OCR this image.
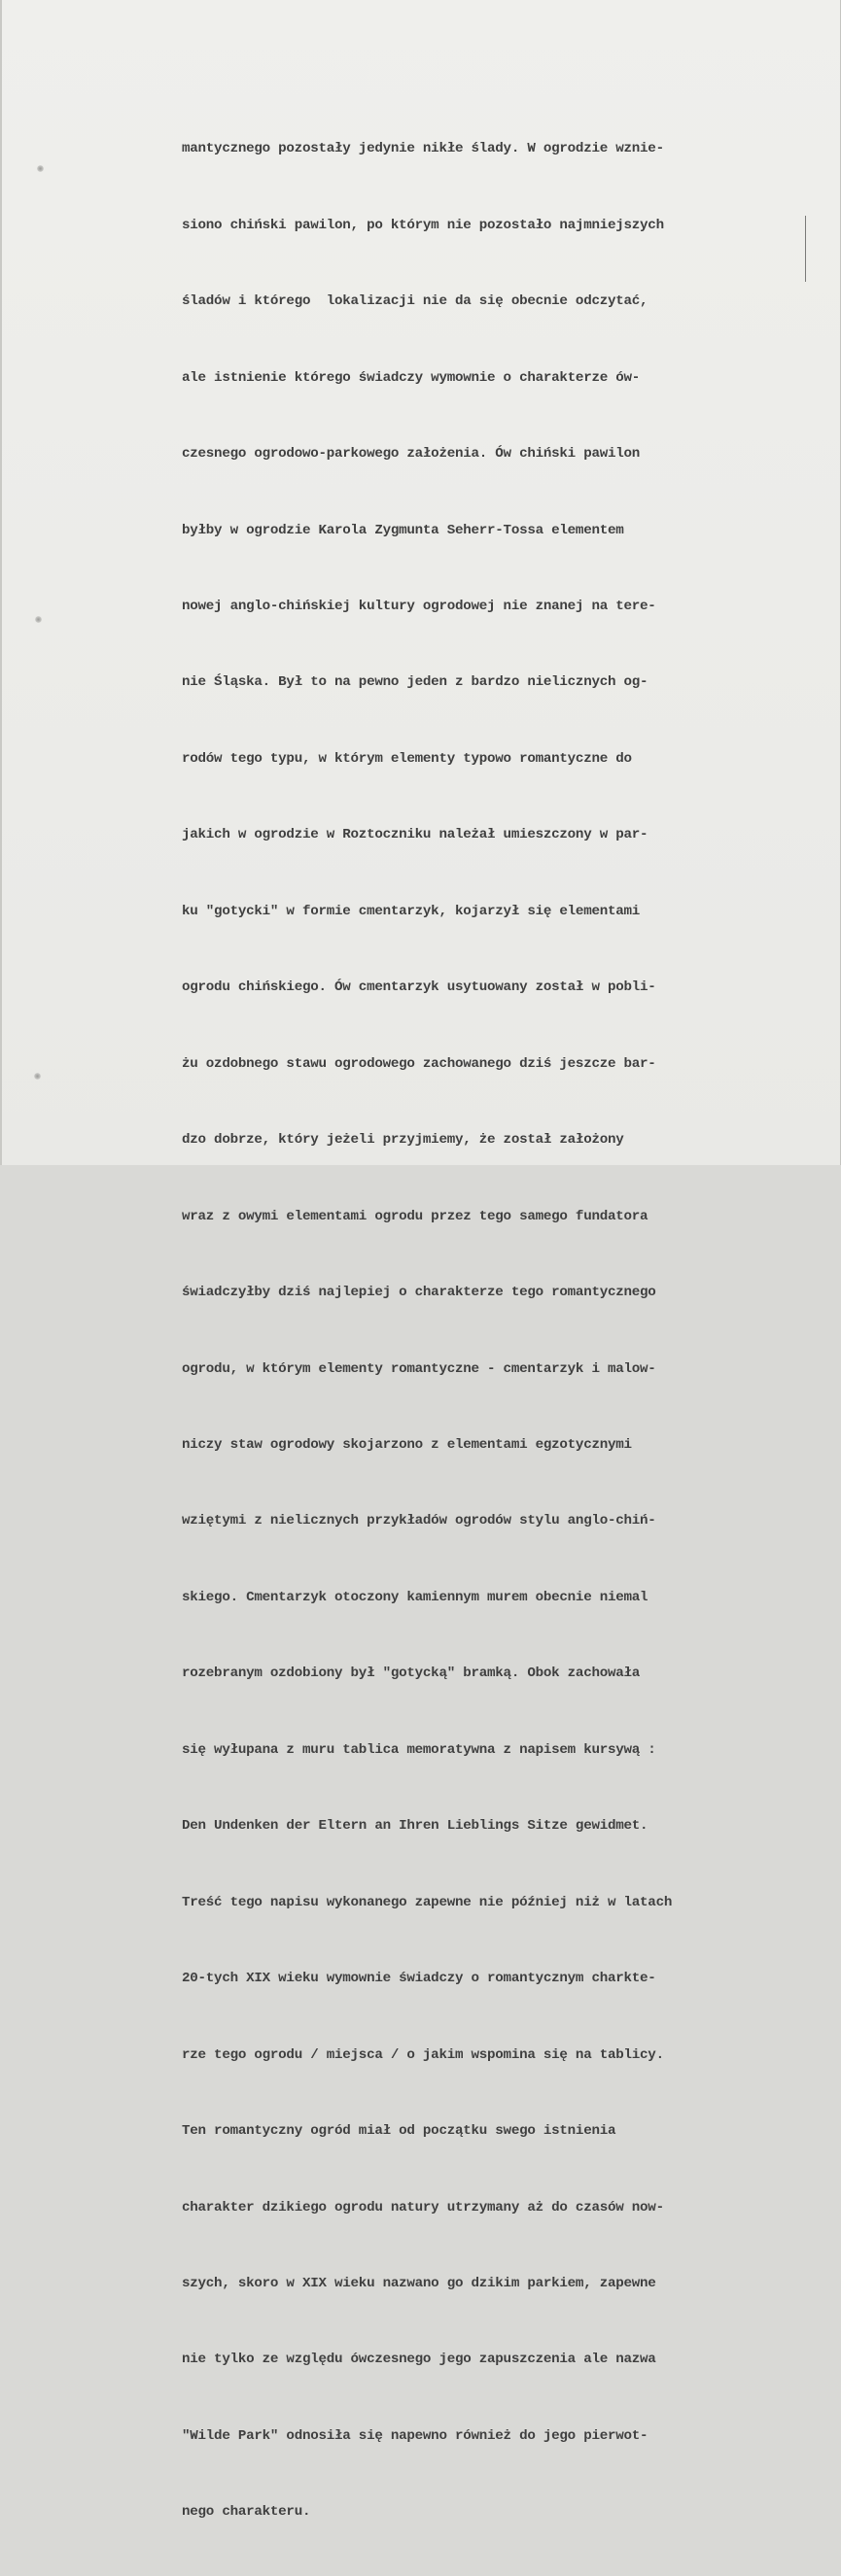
mantycznego pozostały jedynie nikłe ślady. W ogrodzie wznie-

siono chiński pawilon, po którym nie pozostało najmniejszych

śladów i którego  lokalizacji nie da się obecnie odczytać,

ale istnienie którego świadczy wymownie o charakterze ów-

czesnego ogrodowo-parkowego założenia. Ów chiński pawilon

byłby w ogrodzie Karola Zygmunta Seherr-Tossa elementem

nowej anglo-chińskiej kultury ogrodowej nie znanej na tere-

nie Śląska. Był to na pewno jeden z bardzo nielicznych og-

rodów tego typu, w którym elementy typowo romantyczne do

jakich w ogrodzie w Roztoczniku należał umieszczony w par-

ku "gotycki" w formie cmentarzyk, kojarzył się elementami

ogrodu chińskiego. Ów cmentarzyk usytuowany został w pobli-

żu ozdobnego stawu ogrodowego zachowanego dziś jeszcze bar-

dzo dobrze, który jeżeli przyjmiemy, że został założony

wraz z owymi elementami ogrodu przez tego samego fundatora

świadczyłby dziś najlepiej o charakterze tego romantycznego

ogrodu, w którym elementy romantyczne - cmentarzyk i malow-

niczy staw ogrodowy skojarzono z elementami egzotycznymi

wziętymi z nielicznych przykładów ogrodów stylu anglo-chiń-

skiego. Cmentarzyk otoczony kamiennym murem obecnie niemal

rozebranym ozdobiony był "gotycką" bramką. Obok zachowała

się wyłupana z muru tablica memoratywna z napisem kursywą :

Den Undenken der Eltern an Ihren Lieblings Sitze gewidmet.

Treść tego napisu wykonanego zapewne nie później niż w latach

20-tych XIX wieku wymownie świadczy o romantycznym charkte-

rze tego ogrodu / miejsca / o jakim wspomina się na tablicy.

Ten romantyczny ogród miał od początku swego istnienia

charakter dzikiego ogrodu natury utrzymany aż do czasów now-

szych, skoro w XIX wieku nazwano go dzikim parkiem, zapewne

nie tylko ze względu ówczesnego jego zapuszczenia ale nazwa

"Wilde Park" odnosiła się napewno również do jego pierwot-

nego charakteru.
